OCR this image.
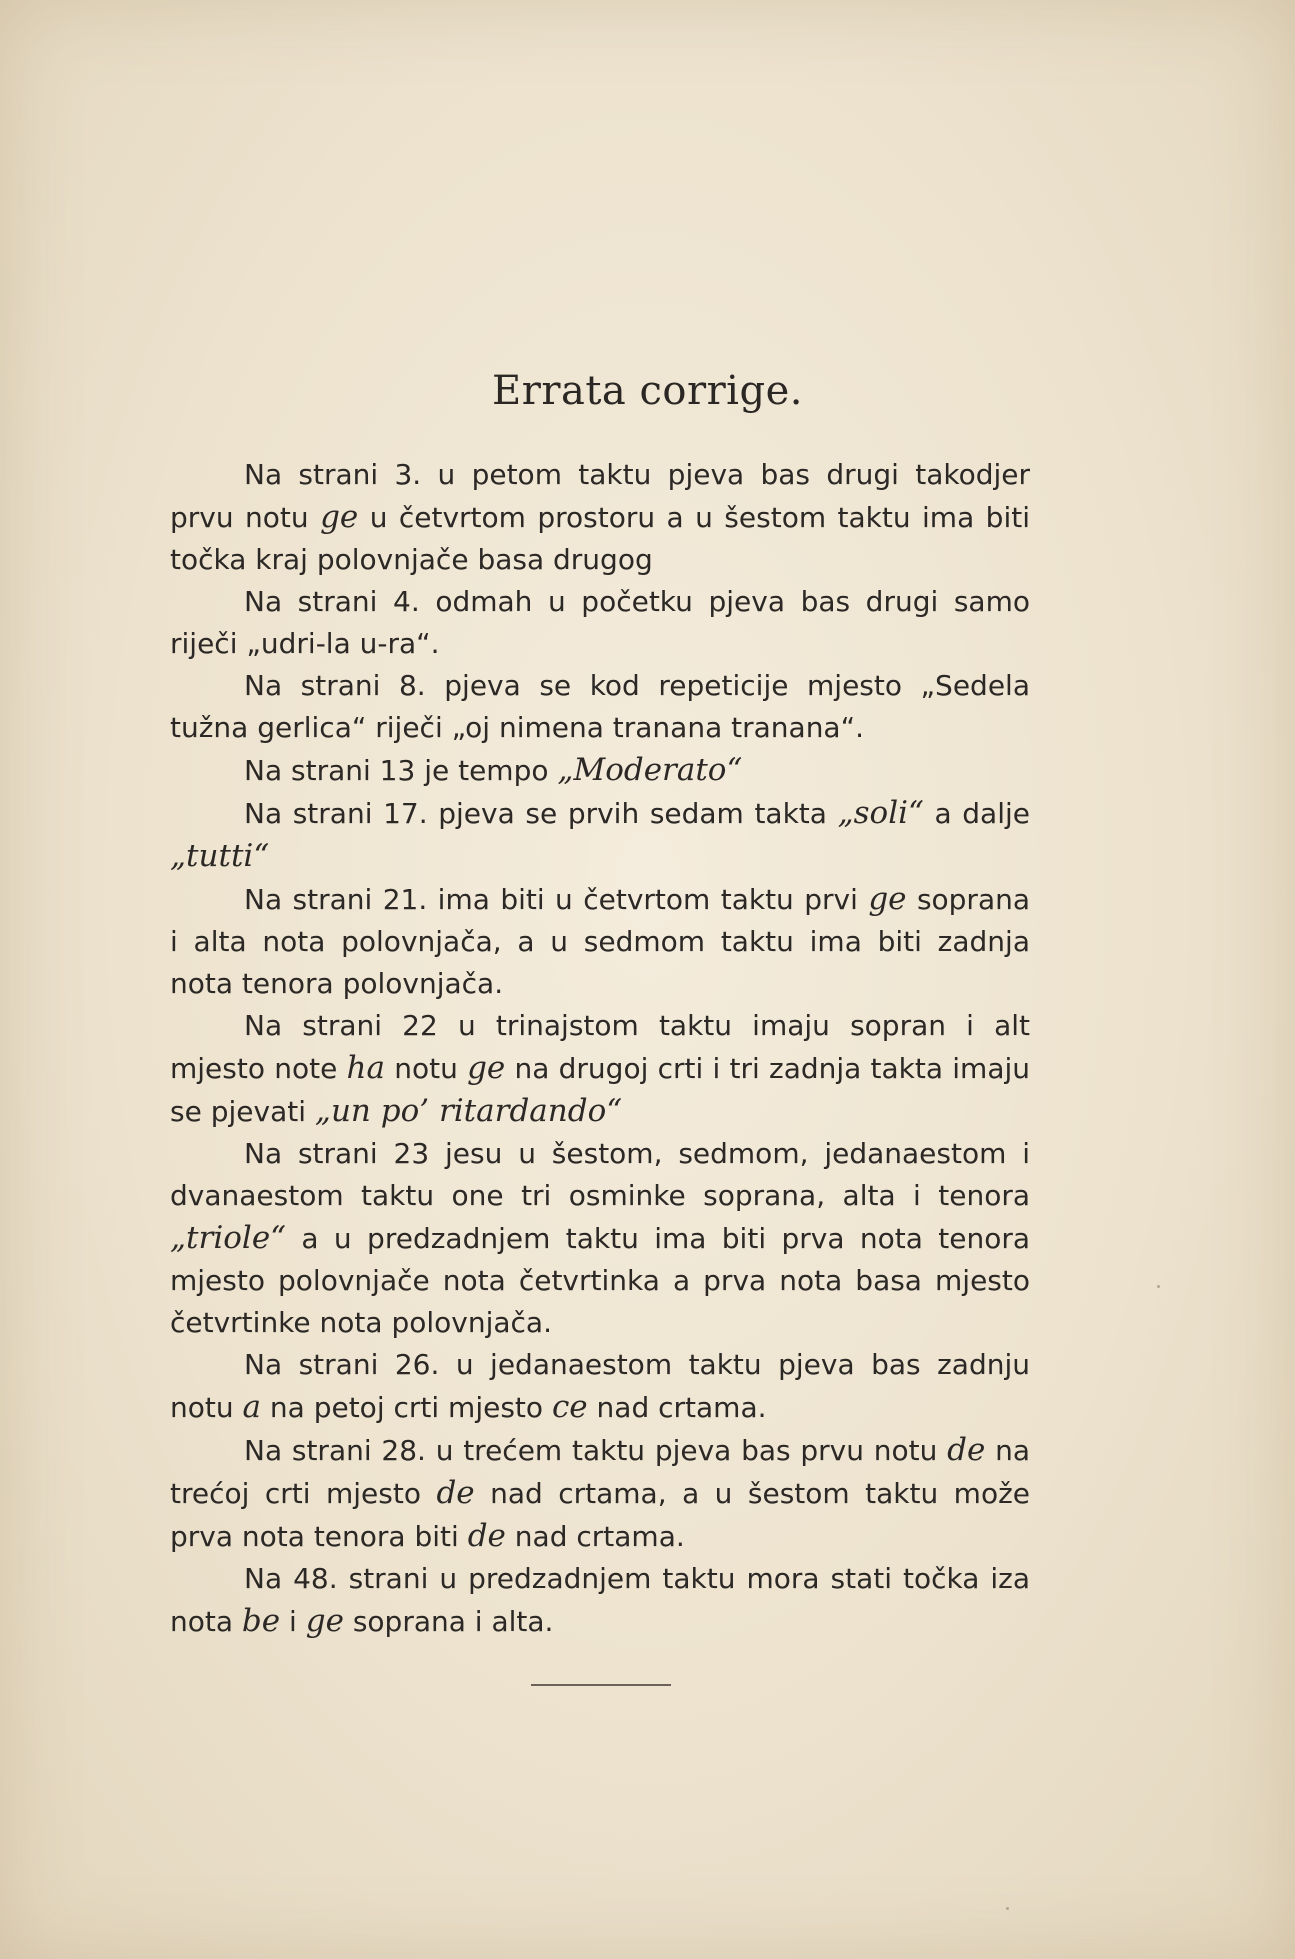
Errata corrige.

Na strani 3. u petom taktu pjeva bas drugi takodjer prvu notu ge u četvrtom prostoru a u šestom taktu ima biti točka kraj polovnjače basa drugog

Na strani 4. odmah u početku pjeva bas drugi samo riječi „udri-la u-ra“.

Na strani 8. pjeva se kod repeticije mjesto „Sedela tužna gerlica“ riječi „oj nimena tranana tranana“.

Na strani 13 je tempo „Moderato“

Na strani 17. pjeva se prvih sedam takta „soli“ a dalje „tutti“

Na strani 21. ima biti u četvrtom taktu prvi ge soprana i alta nota polovnjača, a u sedmom taktu ima biti zadnja nota tenora polovnjača.

Na strani 22 u trinajstom taktu imaju sopran i alt mjesto note ha notu ge na drugoj crti i tri zadnja takta imaju se pjevati „un po’ ritardando“

Na strani 23 jesu u šestom, sedmom, jedanaestom i dvanaestom taktu one tri osminke soprana, alta i tenora „triole“ a u predzadnjem taktu ima biti prva nota tenora mjesto polovnjače nota četvrtinka a prva nota basa mjesto četvrtinke nota polovnjača.

Na strani 26. u jedanaestom taktu pjeva bas zadnju notu a na petoj crti mjesto ce nad crtama.

Na strani 28. u trećem taktu pjeva bas prvu notu de na trećoj crti mjesto de nad crtama, a u šestom taktu može prva nota tenora biti de nad crtama.

Na 48. strani u predzadnjem taktu mora stati točka iza nota be i ge soprana i alta.
